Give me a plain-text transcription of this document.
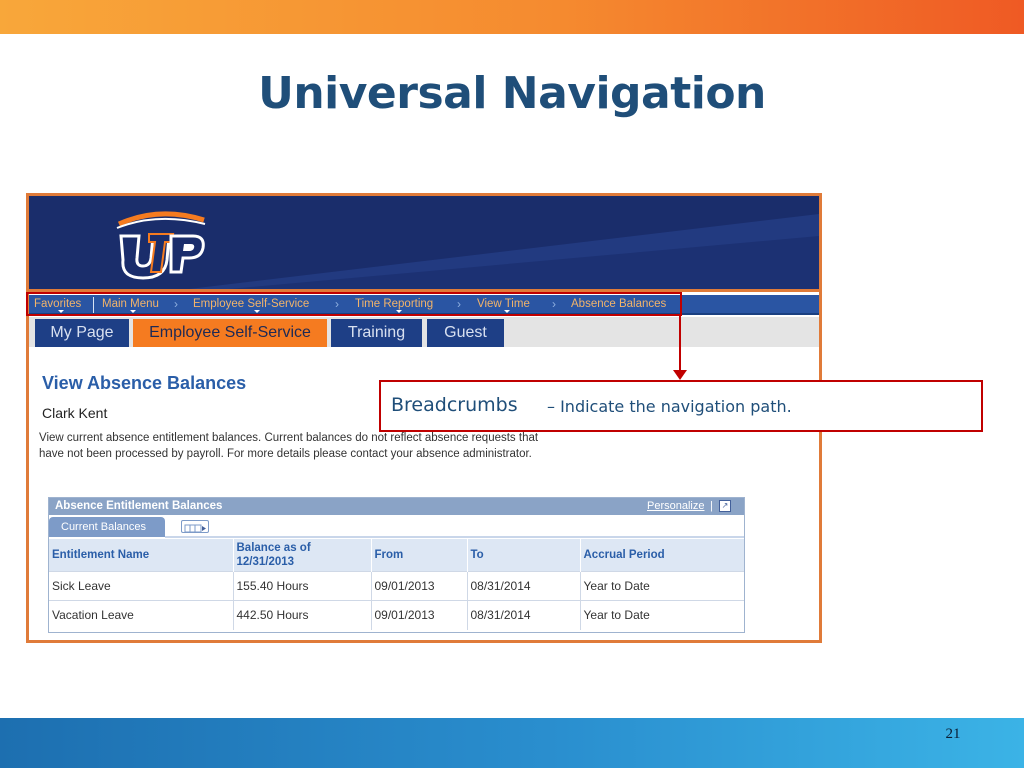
Universal Navigation
Favorites Main Menu › Employee Self-Service › Time Reporting › View Time › Absence Balances
My Page	Employee Self-Service	Training	Guest
View Absence Balances
Clark Kent
View current absence entitlement balances. Current balances do not reflect absence requests that have not been processed by payroll. For more details please contact your absence administrator.
Absence Entitlement Balances	Personalize |	↗
Current Balances
Entitlement Name	Balance as of 12/31/2013	From	To	Accrual Period
Sick Leave	155.40 Hours	09/01/2013	08/31/2014	Year to Date
Vacation Leave	442.50 Hours	09/01/2013	08/31/2014	Year to Date
Breadcrumbs – Indicate the navigation path.
21
